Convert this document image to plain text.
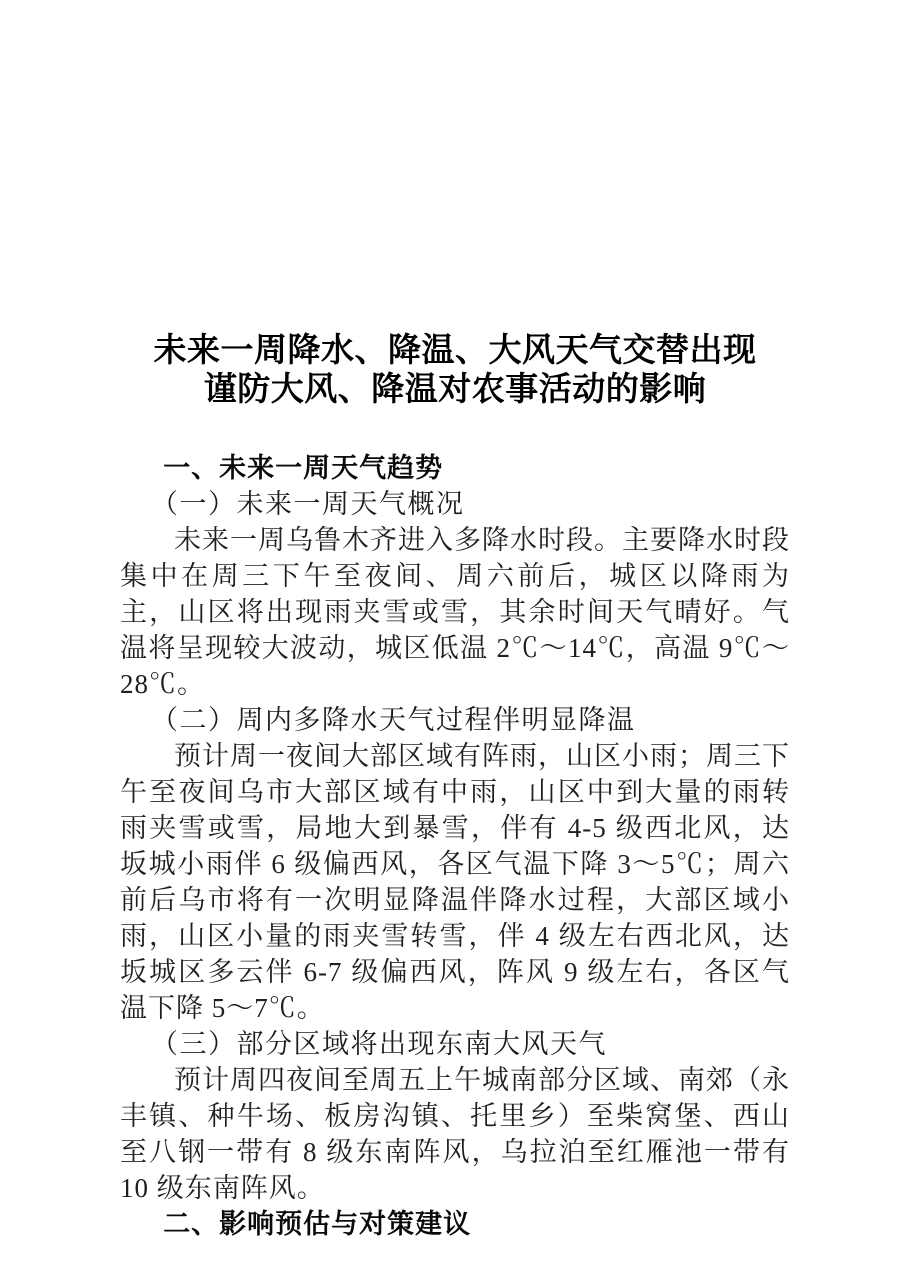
未来一周降水、降温、大风天气交替出现
谨防大风、降温对农事活动的影响
一、未来一周天气趋势
（一）未来一周天气概况

未来一周乌鲁木齐进入多降水时段。主要降水时段集中在周三下午至夜间、周六前后，城区以降雨为主，山区将出现雨夹雪或雪，其余时间天气晴好。气温将呈现较大波动，城区低温 2℃～14℃，高温 9℃～28℃。

（二）周内多降水天气过程伴明显降温

预计周一夜间大部区域有阵雨，山区小雨；周三下午至夜间乌市大部区域有中雨，山区中到大量的雨转雨夹雪或雪，局地大到暴雪，伴有 4-5 级西北风，达坂城小雨伴 6 级偏西风，各区气温下降 3～5℃；周六前后乌市将有一次明显降温伴降水过程，大部区域小雨，山区小量的雨夹雪转雪，伴 4 级左右西北风，达坂城区多云伴 6-7 级偏西风，阵风 9 级左右，各区气温下降 5～7℃。

（三）部分区域将出现东南大风天气

预计周四夜间至周五上午城南部分区域、南郊（永丰镇、种牛场、板房沟镇、托里乡）至柴窝堡、西山至八钢一带有 8 级东南阵风，乌拉泊至红雁池一带有 10 级东南阵风。

二、影响预估与对策建议
